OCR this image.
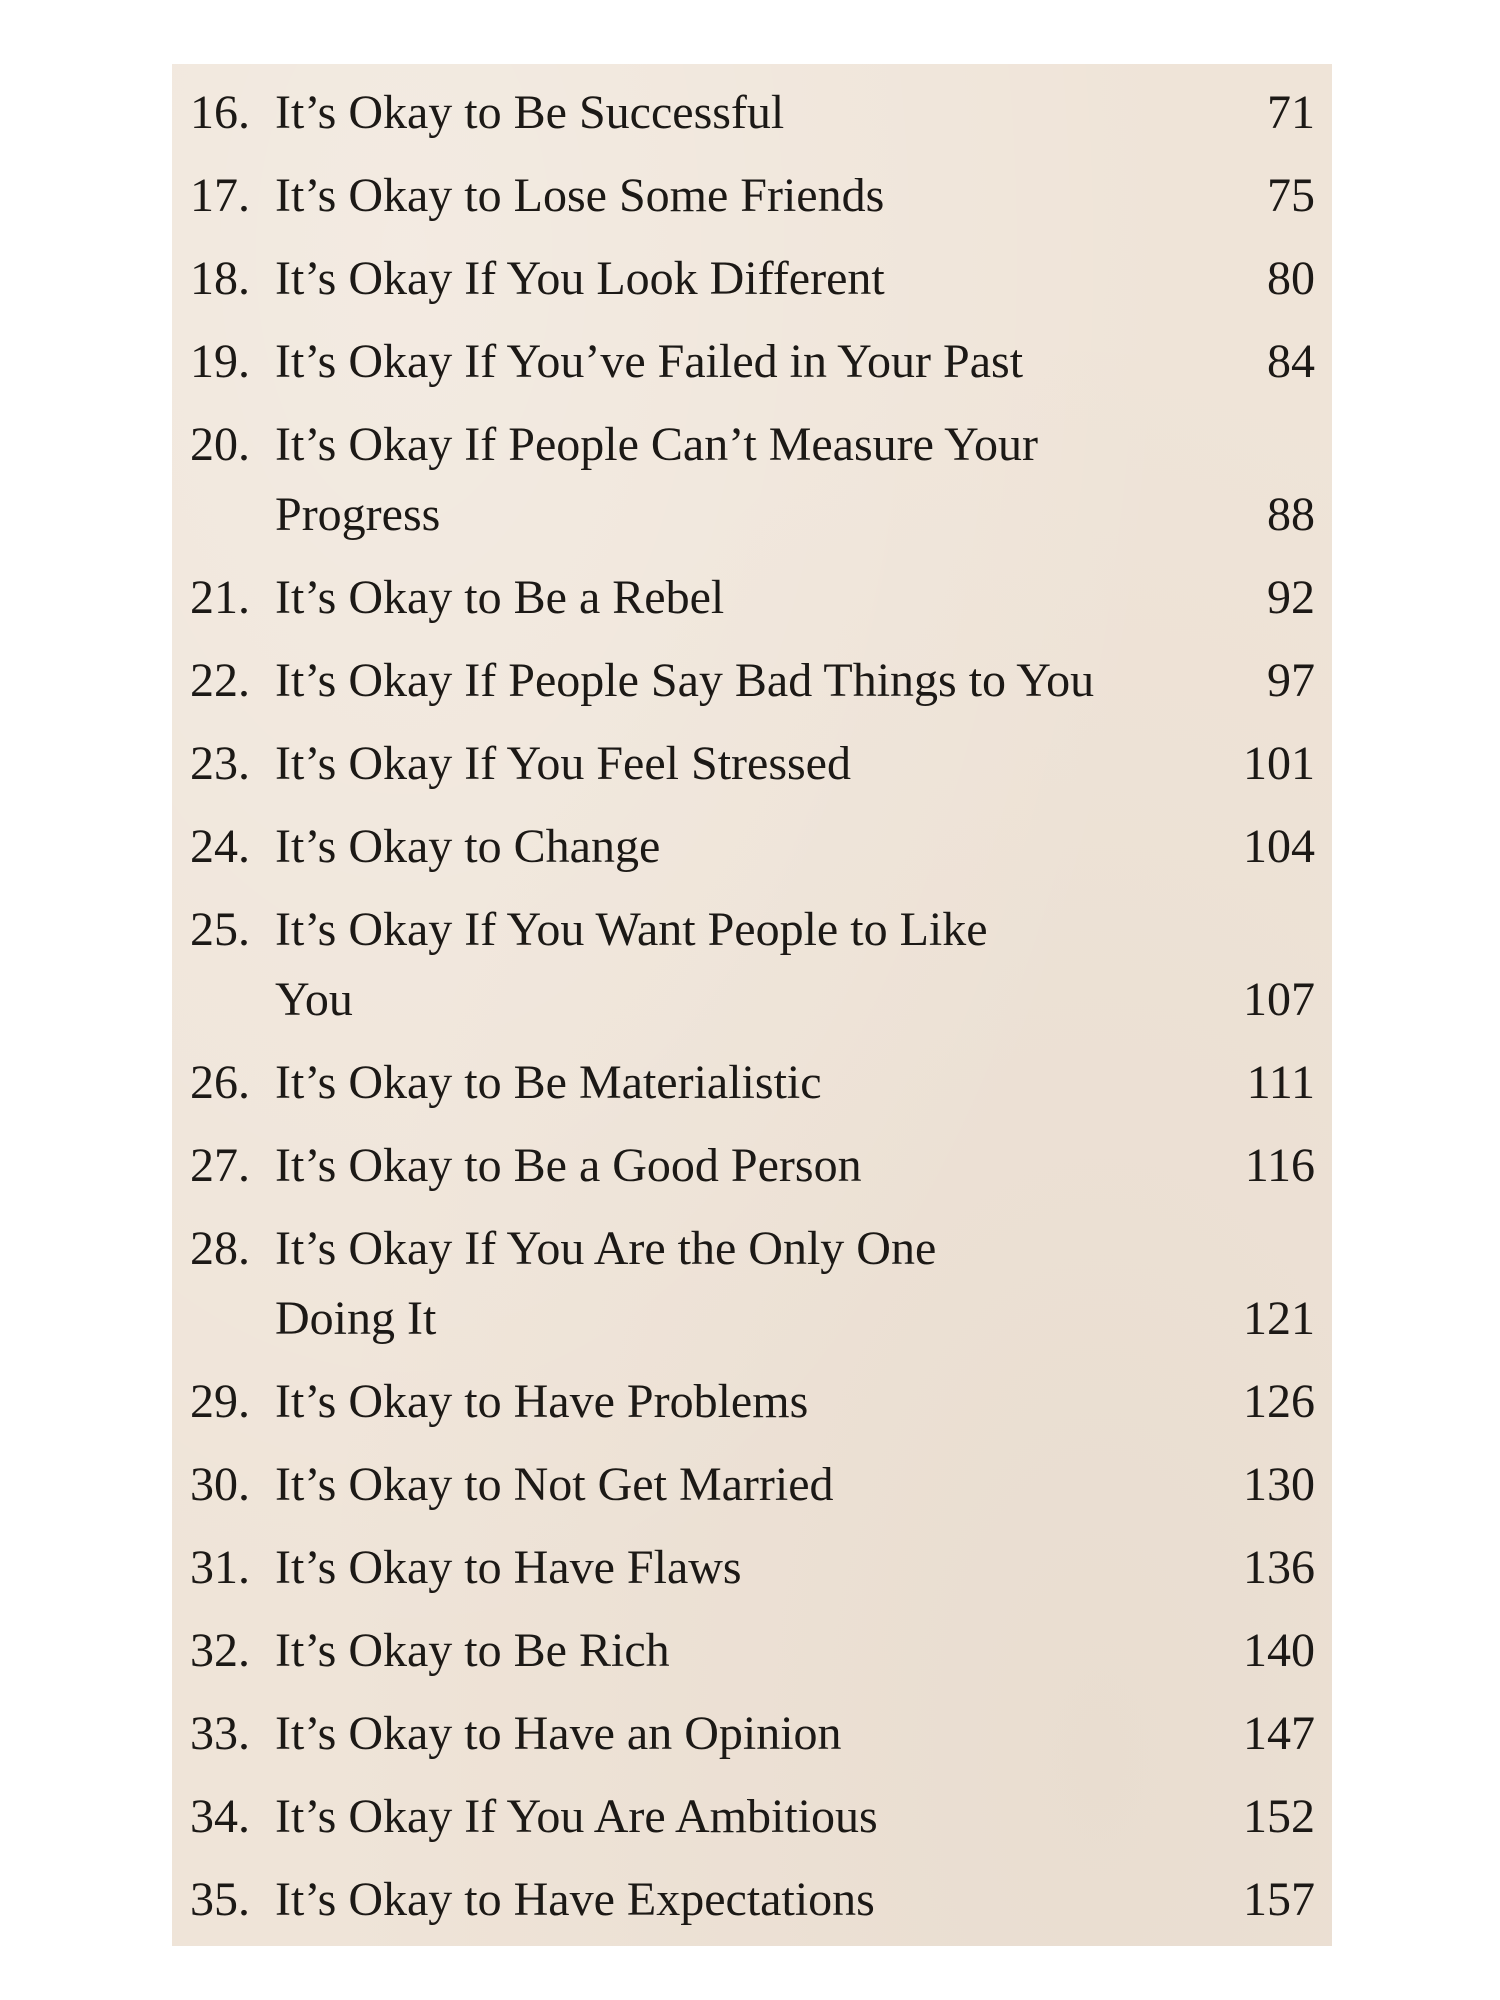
16. It’s Okay to Be Successful	71
17. It’s Okay to Lose Some Friends	75
18. It’s Okay If You Look Different	80
19. It’s Okay If You’ve Failed in Your Past	84
20. It’s Okay If People Can’t Measure Your Progress	88
21. It’s Okay to Be a Rebel	92
22. It’s Okay If People Say Bad Things to You	97
23. It’s Okay If You Feel Stressed	101
24. It’s Okay to Change	104
25. It’s Okay If You Want People to Like You	107
26. It’s Okay to Be Materialistic	111
27. It’s Okay to Be a Good Person	116
28. It’s Okay If You Are the Only One Doing It	121
29. It’s Okay to Have Problems	126
30. It’s Okay to Not Get Married	130
31. It’s Okay to Have Flaws	136
32. It’s Okay to Be Rich	140
33. It’s Okay to Have an Opinion	147
34. It’s Okay If You Are Ambitious	152
35. It’s Okay to Have Expectations	157
